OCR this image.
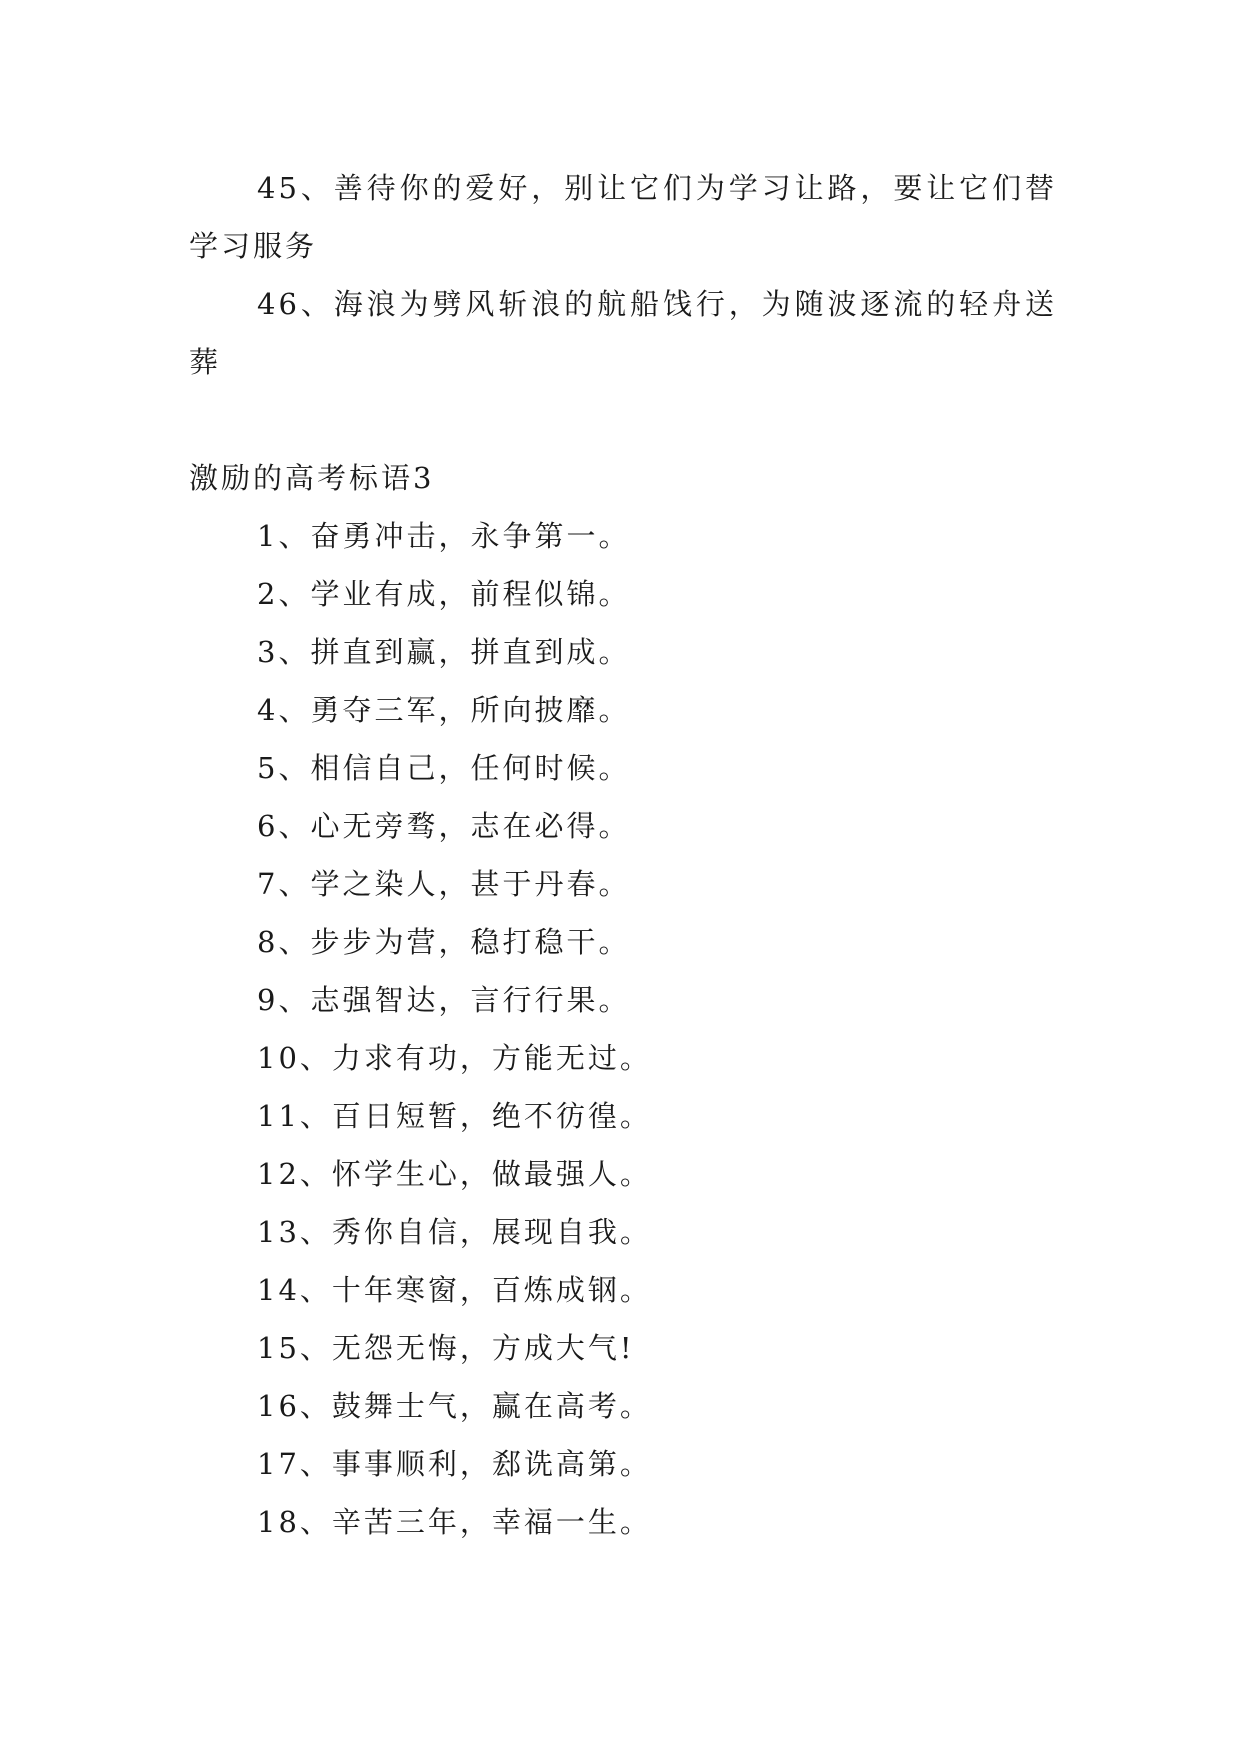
45、善待你的爱好，别让它们为学习让路，要让它们替学习服务

46、海浪为劈风斩浪的航船饯行，为随波逐流的轻舟送葬

激励的高考标语3

1、奋勇冲击，永争第一。

2、学业有成，前程似锦。

3、拼直到赢，拼直到成。

4、勇夺三军，所向披靡。

5、相信自己，任何时候。

6、心无旁骛，志在必得。

7、学之染人，甚于丹春。

8、步步为营，稳打稳干。

9、志强智达，言行行果。

10、力求有功，方能无过。

11、百日短暂，绝不彷徨。

12、怀学生心，做最强人。

13、秀你自信，展现自我。

14、十年寒窗，百炼成钢。

15、无怨无悔，方成大气!

16、鼓舞士气，赢在高考。

17、事事顺利，郄诜高第。

18、辛苦三年，幸福一生。
